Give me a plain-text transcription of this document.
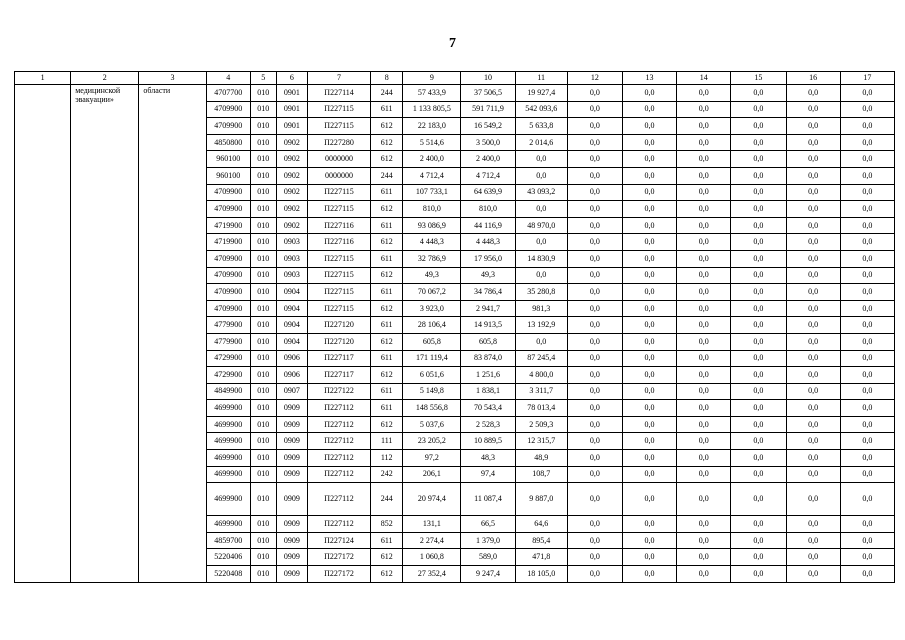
7
1	2	3	4	5	6	7	8	9	10	11	12	13	14	15	16	17
	медицинской эвакуации»	области	4707700	010	0901	П227114	244	57 433,9	37 506,5	19 927,4	0,0	0,0	0,0	0,0	0,0	0,0
			4709900	010	0901	П227115	611	1 133 805,5	591 711,9	542 093,6	0,0	0,0	0,0	0,0	0,0	0,0
			4709900	010	0901	П227115	612	22 183,0	16 549,2	5 633,8	0,0	0,0	0,0	0,0	0,0	0,0
			4850800	010	0902	П227280	612	5 514,6	3 500,0	2 014,6	0,0	0,0	0,0	0,0	0,0	0,0
			960100	010	0902	0000000	612	2 400,0	2 400,0	0,0	0,0	0,0	0,0	0,0	0,0	0,0
			960100	010	0902	0000000	244	4 712,4	4 712,4	0,0	0,0	0,0	0,0	0,0	0,0	0,0
			4709900	010	0902	П227115	611	107 733,1	64 639,9	43 093,2	0,0	0,0	0,0	0,0	0,0	0,0
			4709900	010	0902	П227115	612	810,0	810,0	0,0	0,0	0,0	0,0	0,0	0,0	0,0
			4719900	010	0902	П227116	611	93 086,9	44 116,9	48 970,0	0,0	0,0	0,0	0,0	0,0	0,0
			4719900	010	0903	П227116	612	4 448,3	4 448,3	0,0	0,0	0,0	0,0	0,0	0,0	0,0
			4709900	010	0903	П227115	611	32 786,9	17 956,0	14 830,9	0,0	0,0	0,0	0,0	0,0	0,0
			4709900	010	0903	П227115	612	49,3	49,3	0,0	0,0	0,0	0,0	0,0	0,0	0,0
			4709900	010	0904	П227115	611	70 067,2	34 786,4	35 280,8	0,0	0,0	0,0	0,0	0,0	0,0
			4709900	010	0904	П227115	612	3 923,0	2 941,7	981,3	0,0	0,0	0,0	0,0	0,0	0,0
			4779900	010	0904	П227120	611	28 106,4	14 913,5	13 192,9	0,0	0,0	0,0	0,0	0,0	0,0
			4779900	010	0904	П227120	612	605,8	605,8	0,0	0,0	0,0	0,0	0,0	0,0	0,0
			4729900	010	0906	П227117	611	171 119,4	83 874,0	87 245,4	0,0	0,0	0,0	0,0	0,0	0,0
			4729900	010	0906	П227117	612	6 051,6	1 251,6	4 800,0	0,0	0,0	0,0	0,0	0,0	0,0
			4849900	010	0907	П227122	611	5 149,8	1 838,1	3 311,7	0,0	0,0	0,0	0,0	0,0	0,0
			4699900	010	0909	П227112	611	148 556,8	70 543,4	78 013,4	0,0	0,0	0,0	0,0	0,0	0,0
			4699900	010	0909	П227112	612	5 037,6	2 528,3	2 509,3	0,0	0,0	0,0	0,0	0,0	0,0
			4699900	010	0909	П227112	111	23 205,2	10 889,5	12 315,7	0,0	0,0	0,0	0,0	0,0	0,0
			4699900	010	0909	П227112	112	97,2	48,3	48,9	0,0	0,0	0,0	0,0	0,0	0,0
			4699900	010	0909	П227112	242	206,1	97,4	108,7	0,0	0,0	0,0	0,0	0,0	0,0
			4699900	010	0909	П227112	244	20 974,4	11 087,4	9 887,0	0,0	0,0	0,0	0,0	0,0	0,0
			4699900	010	0909	П227112	852	131,1	66,5	64,6	0,0	0,0	0,0	0,0	0,0	0,0
			4859700	010	0909	П227124	611	2 274,4	1 379,0	895,4	0,0	0,0	0,0	0,0	0,0	0,0
			5220406	010	0909	П227172	612	1 060,8	589,0	471,8	0,0	0,0	0,0	0,0	0,0	0,0
			5220408	010	0909	П227172	612	27 352,4	9 247,4	18 105,0	0,0	0,0	0,0	0,0	0,0	0,0
